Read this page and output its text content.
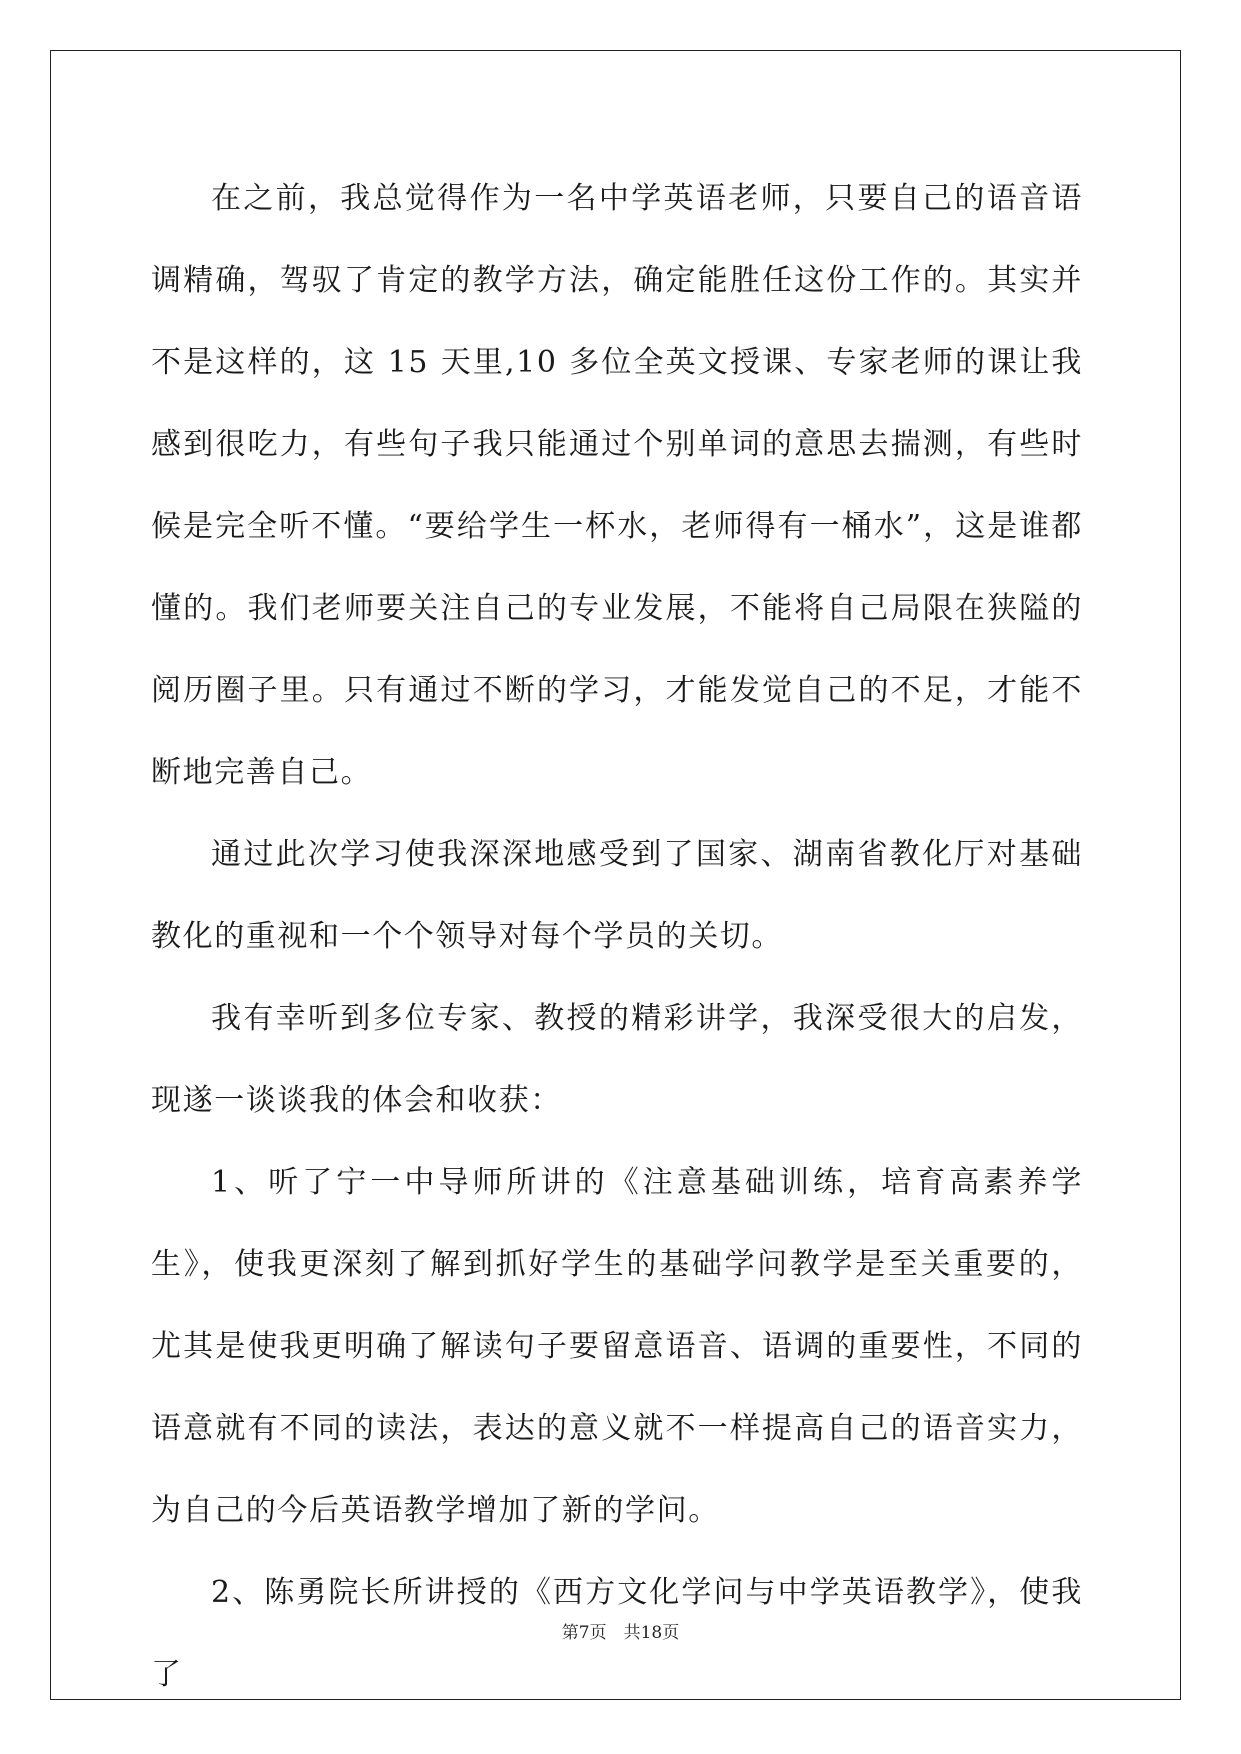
在之前，我总觉得作为一名中学英语老师，只要自己的语音语调精确，驾驭了肯定的教学方法，确定能胜任这份工作的。其实并不是这样的，这 15 天里,10 多位全英文授课、专家老师的课让我感到很吃力，有些句子我只能通过个别单词的意思去揣测，有些时候是完全听不懂。“要给学生一杯水，老师得有一桶水”，这是谁都懂的。我们老师要关注自己的专业发展，不能将自己局限在狭隘的阅历圈子里。只有通过不断的学习，才能发觉自己的不足，才能不断地完善自己。

通过此次学习使我深深地感受到了国家、湖南省教化厅对基础教化的重视和一个个领导对每个学员的关切。

我有幸听到多位专家、教授的精彩讲学，我深受很大的启发，现遂一谈谈我的体会和收获：

1、听了宁一中导师所讲的《注意基础训练，培育高素养学生》，使我更深刻了解到抓好学生的基础学问教学是至关重要的，尤其是使我更明确了解读句子要留意语音、语调的重要性，不同的语意就有不同的读法，表达的意义就不一样提高自己的语音实力，为自己的今后英语教学增加了新的学问。

2、陈勇院长所讲授的《西方文化学问与中学英语教学》，使我了

第7页　共18页
